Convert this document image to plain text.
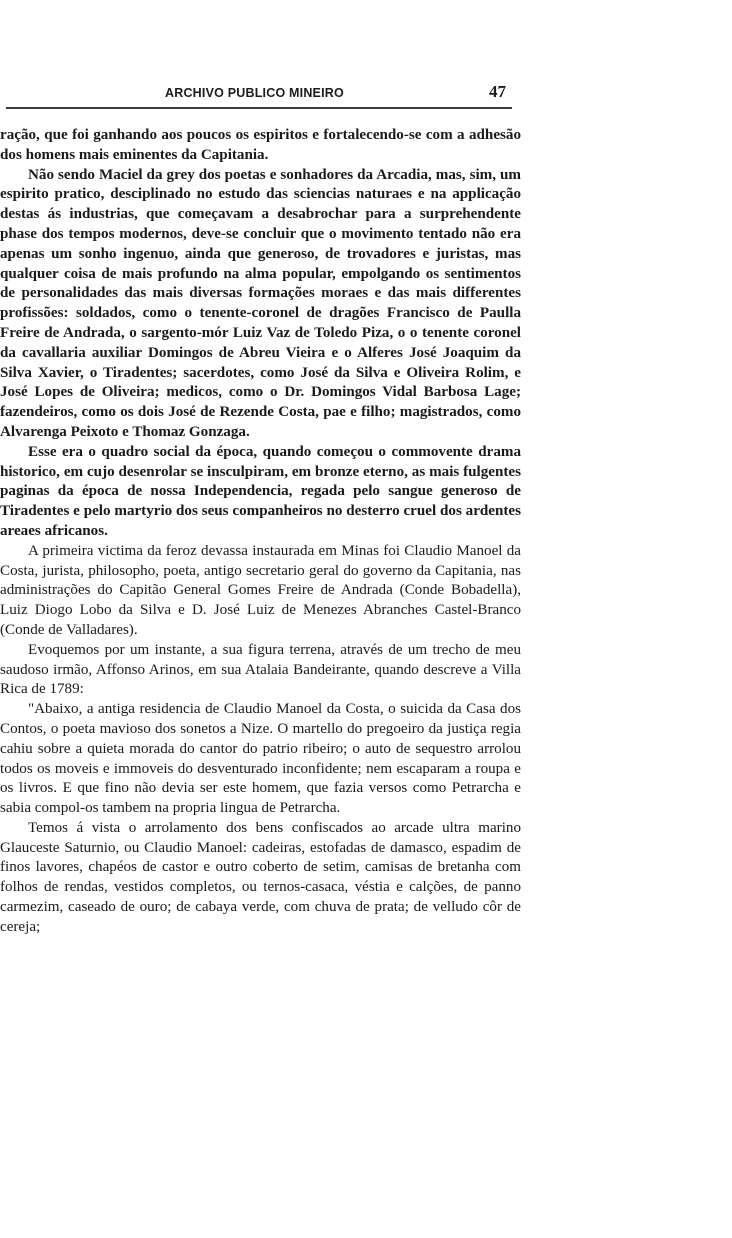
ARCHIVO PUBLICO MINEIRO	47

ração, que foi ganhando aos poucos os espiritos e fortalecendo-se com a adhesão dos homens mais eminentes da Capitania.

Não sendo Maciel da grey dos poetas e sonhadores da Arcadia, mas, sim, um espirito pratico, desciplinado no estudo das sciencias naturaes e na applicação destas ás industrias, que começavam a desabrochar para a surprehendente phase dos tempos modernos, deve-se concluir que o movimento tentado não era apenas um sonho ingenuo, ainda que generoso, de trovadores e juristas, mas qualquer coisa de mais profundo na alma popular, empolgando os sentimentos de personalidades das mais diversas formações moraes e das mais differentes profissões: soldados, como o tenente-coronel de dragões Francisco de Paulla Freire de Andrada, o sargento-mór Luiz Vaz de Toledo Piza, o o tenente coronel da cavallaria auxiliar Domingos de Abreu Vieira e o Alferes José Joaquim da Silva Xavier, o Tiradentes; sacerdotes, como José da Silva e Oliveira Rolim, e José Lopes de Oliveira; medicos, como o Dr. Domingos Vidal Barbosa Lage; fazendeiros, como os dois José de Rezende Costa, pae e filho; magistrados, como Alvarenga Peixoto e Thomaz Gonzaga.

Esse era o quadro social da época, quando começou o commovente drama historico, em cujo desenrolar se insculpiram, em bronze eterno, as mais fulgentes paginas da época de nossa Independencia, regada pelo sangue generoso de Tiradentes e pelo martyrio dos seus companheiros no desterro cruel dos ardentes areaes africanos.

A primeira victima da feroz devassa instaurada em Minas foi Claudio Manoel da Costa, jurista, philosopho, poeta, antigo secretario geral do governo da Capitania, nas administrações do Capitão General Gomes Freire de Andrada (Conde Bobadella), Luiz Diogo Lobo da Silva e D. José Luiz de Menezes Abranches Castel-Branco (Conde de Valladares).

Evoquemos por um instante, a sua figura terrena, através de um trecho de meu saudoso irmão, Affonso Arinos, em sua Atalaia Bandeirante, quando descreve a Villa Rica de 1789:

"Abaixo, a antiga residencia de Claudio Manoel da Costa, o suicida da Casa dos Contos, o poeta mavioso dos sonetos a Nize. O martello do pregoeiro da justiça regia cahiu sobre a quieta morada do cantor do patrio ribeiro; o auto de sequestro arrolou todos os moveis e immoveis do desventurado inconfidente; nem escaparam a roupa e os livros. E que fino não devia ser este homem, que fazia versos como Petrarcha e sabia compol-os tambem na propria lingua de Petrarcha.

Temos á vista o arrolamento dos bens confiscados ao arcade ultra marino Glauceste Saturnio, ou Claudio Manoel: cadeiras, estofadas de damasco, espadim de finos lavores, chapéos de castor e outro coberto de setim, camisas de bretanha com folhos de rendas, vestidos completos, ou ternos-casaca, véstia e calções, de panno carmezim, caseado de ouro; de cabaya verde, com chuva de prata; de velludo côr de cereja;
